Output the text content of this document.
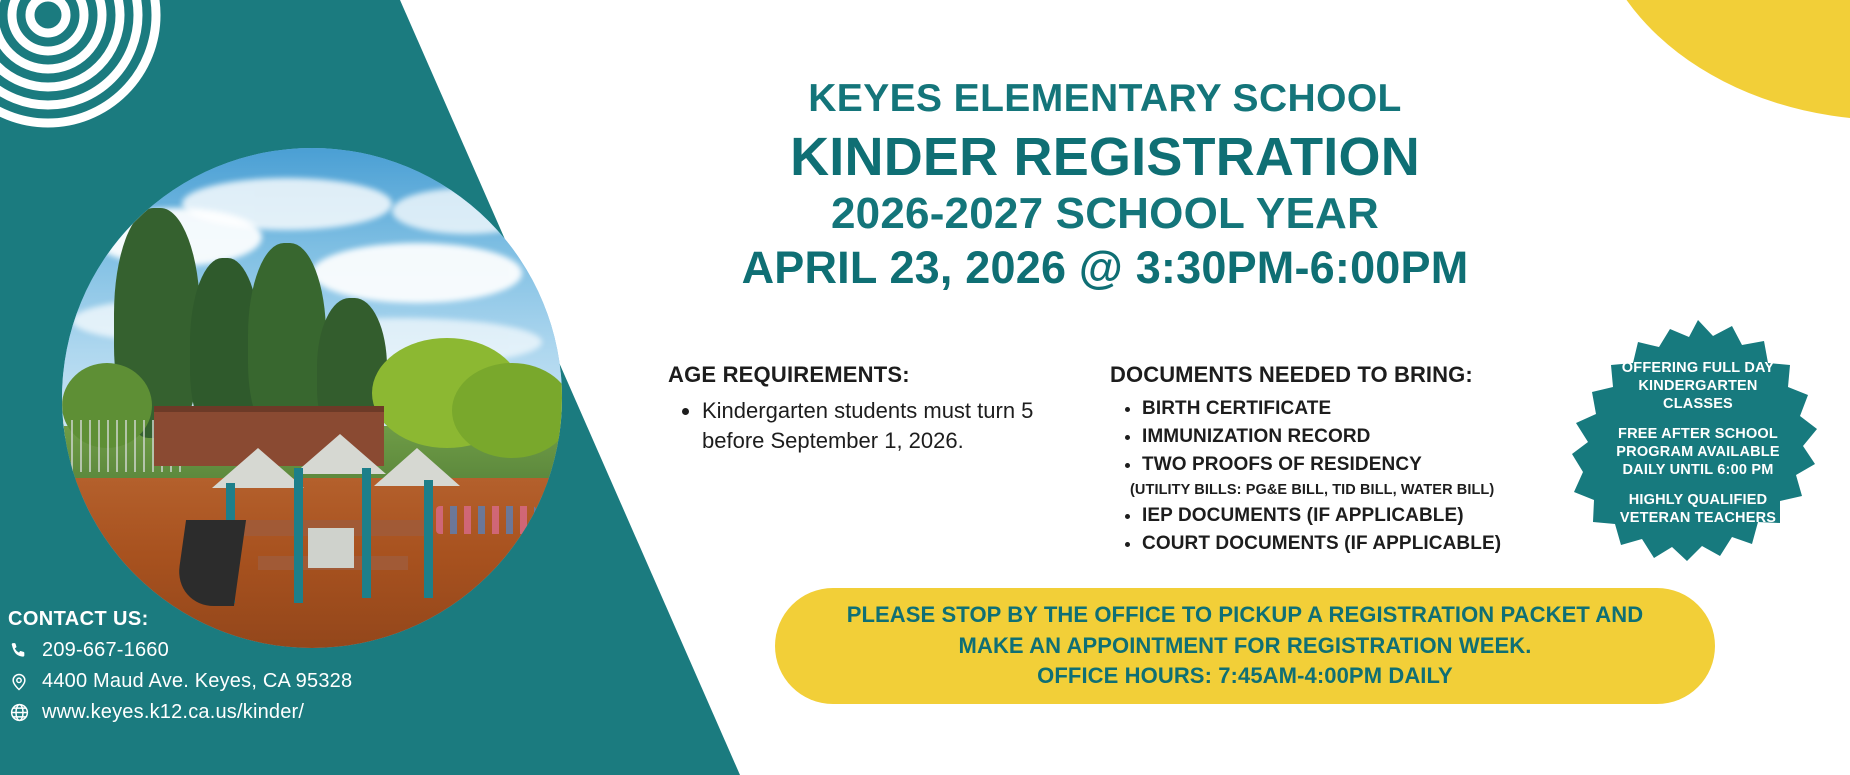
KEYES ELEMENTARY SCHOOL
KINDER REGISTRATION
2026-2027 SCHOOL YEAR
APRIL 23, 2026 @ 3:30PM-6:00PM
AGE REQUIREMENTS:
• Kindergarten students must turn 5 before September 1, 2026.
DOCUMENTS NEEDED TO BRING:
• BIRTH CERTIFICATE
• IMMUNIZATION RECORD
• TWO PROOFS OF RESIDENCY
(UTILITY BILLS: PG&E BILL, TID BILL, WATER BILL)
• IEP DOCUMENTS (IF APPLICABLE)
• COURT DOCUMENTS (IF APPLICABLE)
OFFERING FULL DAY KINDERGARTEN CLASSES
FREE AFTER SCHOOL PROGRAM AVAILABLE DAILY UNTIL 6:00 PM
HIGHLY QUALIFIED VETERAN TEACHERS
PLEASE STOP BY THE OFFICE TO PICKUP A REGISTRATION PACKET AND
MAKE AN APPOINTMENT FOR REGISTRATION WEEK.
OFFICE HOURS: 7:45AM-4:00PM DAILY
CONTACT US:
209-667-1660
4400 Maud Ave. Keyes, CA 95328
www.keyes.k12.ca.us/kinder/
